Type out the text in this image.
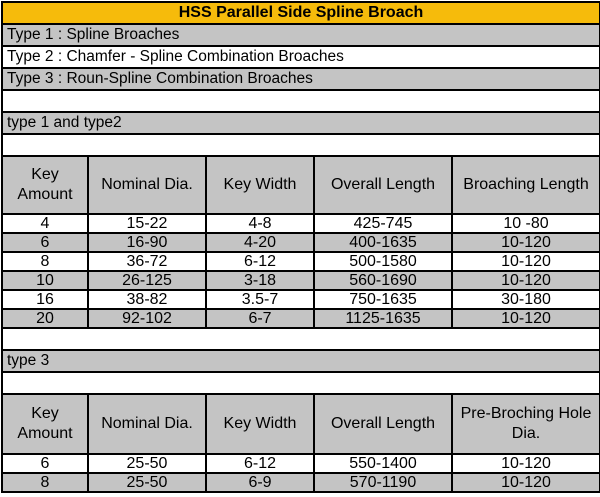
HSS Parallel Side Spline Broach
Type 1 : Spline Broaches
Type 2 : Chamfer - Spline Combination Broaches
Type 3 : Roun-Spline Combination Broaches
type 1 and type2
Key Amount	Nominal Dia.	Key Width	Overall Length	Broaching Length
4	15-22	4-8	425-745	10 -80
6	16-90	4-20	400-1635	10-120
8	36-72	6-12	500-1580	10-120
10	26-125	3-18	560-1690	10-120
16	38-82	3.5-7	750-1635	30-180
20	92-102	6-7	1125-1635	10-120
type 3
Key Amount	Nominal Dia.	Key Width	Overall Length	Pre-Broching Hole Dia.
6	25-50	6-12	550-1400	10-120
8	25-50	6-9	570-1190	10-120
